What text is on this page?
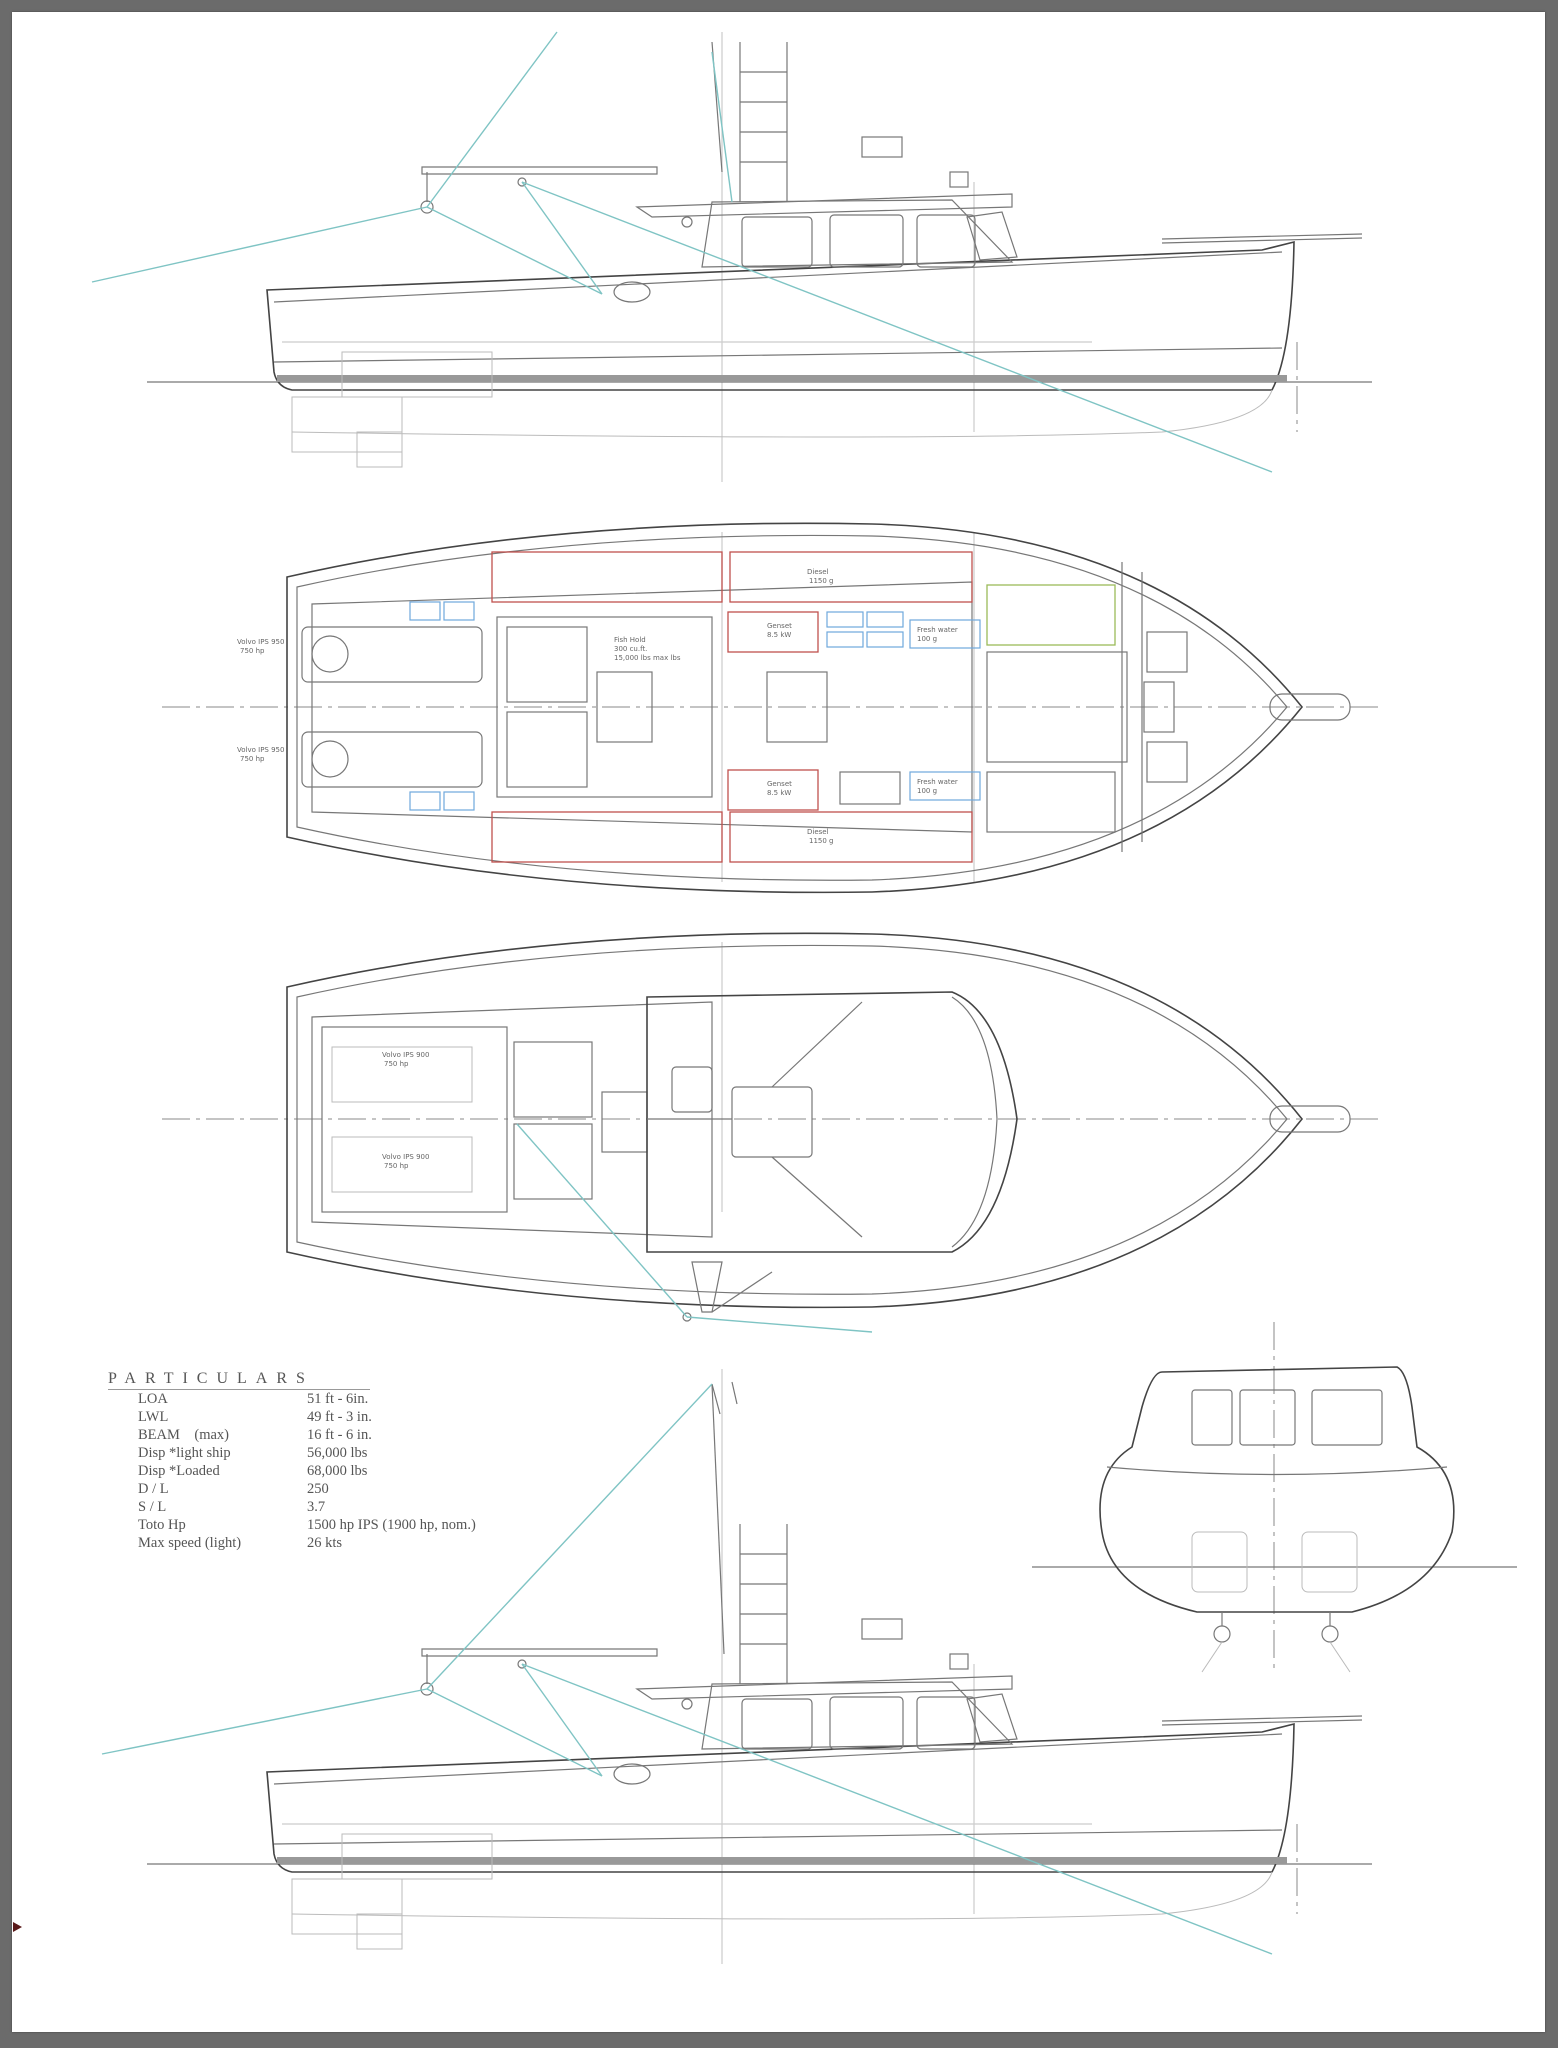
Volvo IPS 950
750 hp
Volvo IPS 950
750 hp
Fish Hold
300 cu.ft.
15,000 lbs max lbs
Diesel
1150 g
Diesel
1150 g
Genset
8.5 kW
Genset
8.5 kW
Fresh water
100 g
Fresh water
100 g
Volvo IPS 900
750 hp
Volvo IPS 900
750 hp
PARTICULARS
LOA	51 ft - 6in.
LWL	49 ft - 3 in.
BEAM    (max)	16 ft - 6 in.
Disp *light ship	56,000 lbs
Disp *Loaded	68,000 lbs
D / L	250
S / L	3.7
Toto Hp	1500 hp IPS (1900 hp, nom.)
Max speed (light)	26 kts
